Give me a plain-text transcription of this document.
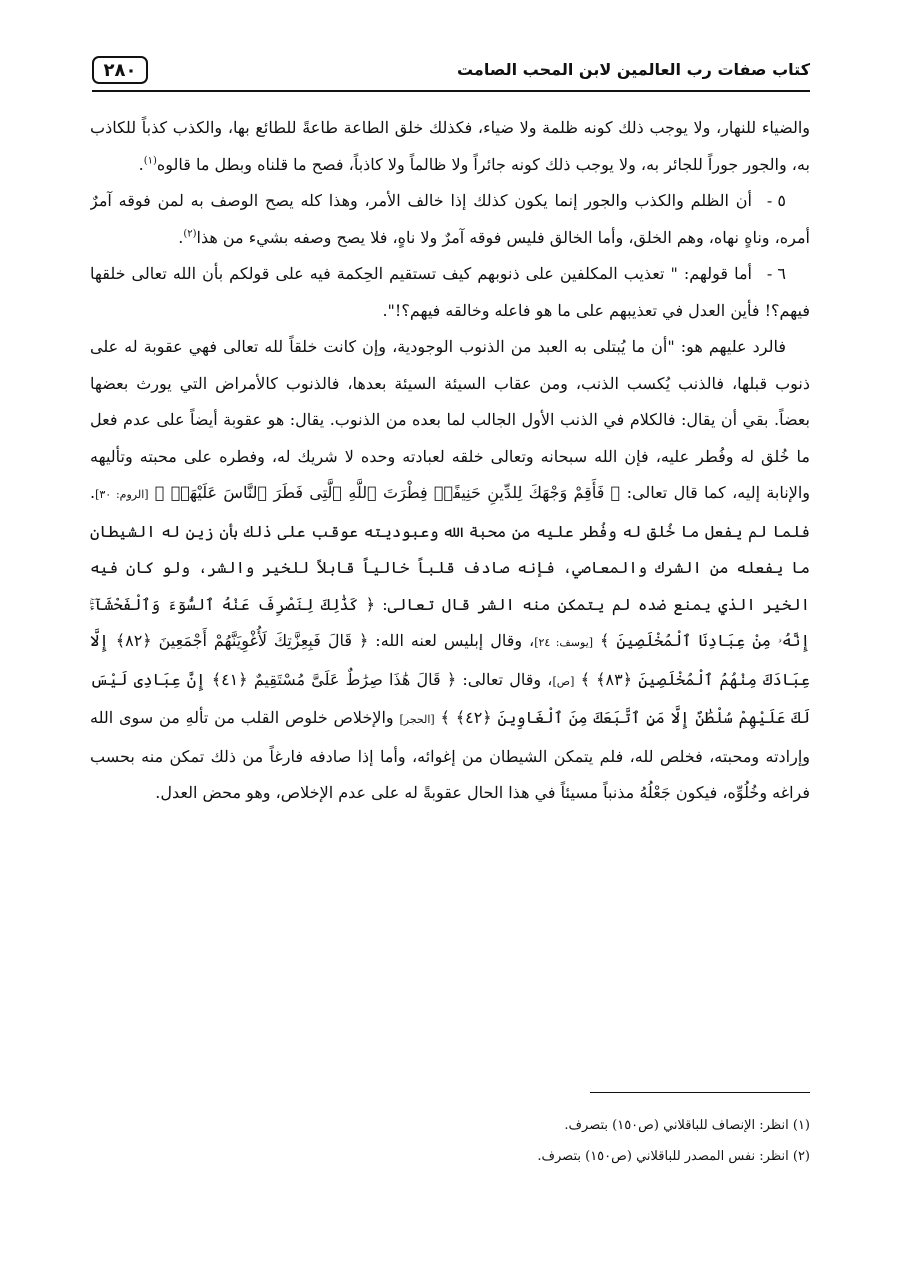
٢٨٠	كتاب صفات رب العالمين لابن المحب الصامت

والضياء للنهار، ولا يوجب ذلك كونه ظلمة ولا ضياء، فكذلك خلق الطاعة طاعةً للطائع بها، والكذب كذباً للكاذب به، والجور جوراً للجائر به، ولا يوجب ذلك كونه جائراً ولا ظالماً ولا كاذباً، فصح ما قلناه وبطل ما قالوه$^{(١)}$.

٥ -أن الظلم والكذب والجور إنما يكون كذلك إذا خالف الأمر، وهذا كله يصح الوصف به لمن فوقه آمرٌ أمره، وناهٍ نهاه، وهم الخلق، وأما الخالق فليس فوقه آمرٌ ولا ناهٍ، فلا يصح وصفه بشيء من هذا$^{(٢)}$.

٦ -أما قولهم: " تعذيب المكلفين على ذنوبهم كيف تستقيم الحِكمة فيه على قولكم بأن الله تعالى خلقها فيهم؟! فأين العدل في تعذيبهم على ما هو فاعله وخالقه فيهم؟!".

فالرد عليهم هو: "أن ما يُبتلى به العبد من الذنوب الوجودية، وإن كانت خلقاً لله تعالى فهي عقوبة له على ذنوب قبلها، فالذنب يُكسب الذنب، ومن عقاب السيئة السيئة بعدها، فالذنوب كالأمراض التي يورث بعضها بعضاً. بقي أن يقال: فالكلام في الذنب الأول الجالب لما بعده من الذنوب. يقال: هو عقوبة أيضاً على عدم فعل ما خُلق له وفُطر عليه، فإن الله سبحانه وتعالى خلقه لعبادته وحده لا شريك له، وفطره على محبته وتأليهه والإنابة إليه، كما قال تعالى: ﴿ فَأَقِمْ وَجْهَكَ لِلدِّينِ حَنِيفًاۚ فِطْرَتَ ٱللَّهِ ٱلَّتِى فَطَرَ ٱلنَّاسَ عَلَيْهَاۚ ﴾ [الروم: ٣٠]. فلما لم يفعل ما خُلق له وفُطر عليه من محبة الله وعبوديته عوقب على ذلك بأن زين له الشيطان ما يفعله من الشرك والمعاصي، فإنه صادف قلباً خالياً قابلاً للخير والشر، ولو كان فيه الخير الذي يمنع ضده لم يتمكن منه الشر قال تعالى: ﴿ كَذَٰلِكَ لِنَصْرِفَ عَنْهُ ٱلسُّوٓءَ وَٱلْفَحْشَآءَۚ إِنَّهُۥ مِنْ عِبَادِنَا ٱلْمُخْلَصِينَ ﴾ [يوسف: ٢٤]، وقال إبليس لعنه الله: ﴿ قَالَ فَبِعِزَّتِكَ لَأُغْوِيَنَّهُمْ أَجْمَعِينَ ﴿٨٢﴾ إِلَّا عِبَادَكَ مِنْهُمُ ٱلْمُخْلَصِينَ ﴿٨٣﴾ ﴾ [ص]، وقال تعالى: ﴿ قَالَ هَٰذَا صِرَٰطٌ عَلَىَّ مُسْتَقِيمٌ ﴿٤١﴾ إِنَّ عِبَادِى لَيْسَ لَكَ عَلَيْهِمْ سُلْطَٰنٌ إِلَّا مَنِ ٱتَّبَعَكَ مِنَ ٱلْغَاوِينَ ﴿٤٢﴾ ﴾ [الحجر] والإخلاص خلوص القلب من تألهِ من سوى الله وإرادته ومحبته، فخلص لله، فلم يتمكن الشيطان من إغوائه، وأما إذا صادفه فارغاً من ذلك تمكن منه بحسب فراغه وخُلُوِّه، فيكون جَعْلُهُ مذنباً مسيئاً في هذا الحال عقوبةً له على عدم الإخلاص، وهو محض العدل.

(١) انظر: الإنصاف للباقلاني (ص١٥٠) بتصرف.

(٢) انظر: نفس المصدر للباقلاني (ص١٥٠) بتصرف.
